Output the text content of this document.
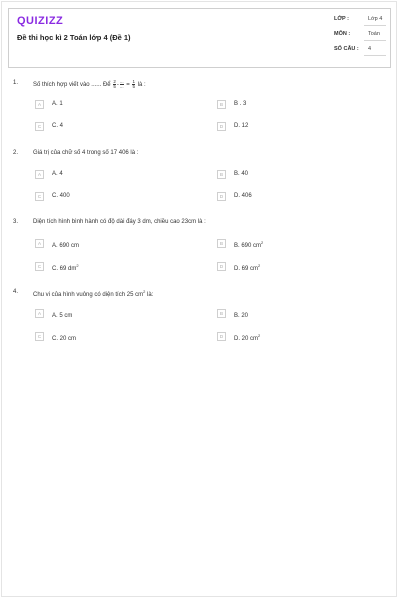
QUIZIZZ
Đề thi học kì 2 Toán lớp 4 (Đề 1)
LỚP :	Lớp 4
MÔN :	Toán
SỐ CÂU : 4
1. Số thích hợp viết vào ...... Để $\frac{2}{5} - \frac{...}{...} = \frac{1}{5}$ là :
A	A. 1	B	B . 3
C	C. 4	D	D. 12
2. Giá trị của chữ số 4 trong số 17 406 là :
A	A. 4	B	B. 40
C	C. 400	D	D. 406
3. Diện tích hình bình hành có độ dài đáy 3 dm, chiều cao 23cm là :
A	A. 690 cm	B	B. 690 $cm^2$
C	C. 69 $dm^2$	D	D. 69 $cm^2$
4. Chu vi của hình vuông có diện tích 25 $cm^2$ là:
A	A. 5 cm	B	B. 20
C	C. 20 cm	D	D. 20 $cm^2$
